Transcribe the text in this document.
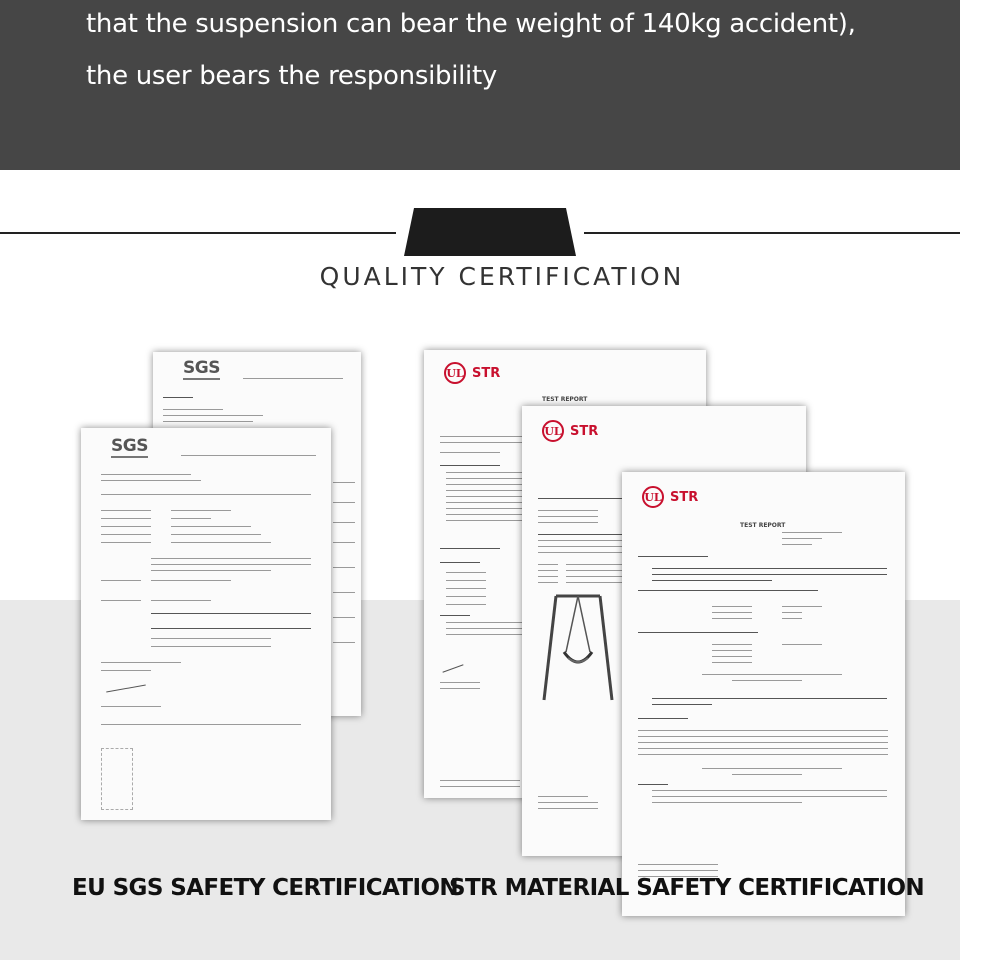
that the suspension can bear the weight of 140kg accident),
the user bears the responsibility
QUALITY CERTIFICATION
SGS
SGS
UL STR
TEST REPORT
UL STR
UL STR
TEST REPORT
EU SGS SAFETY CERTIFICATION
STR MATERIAL SAFETY CERTIFICATION
